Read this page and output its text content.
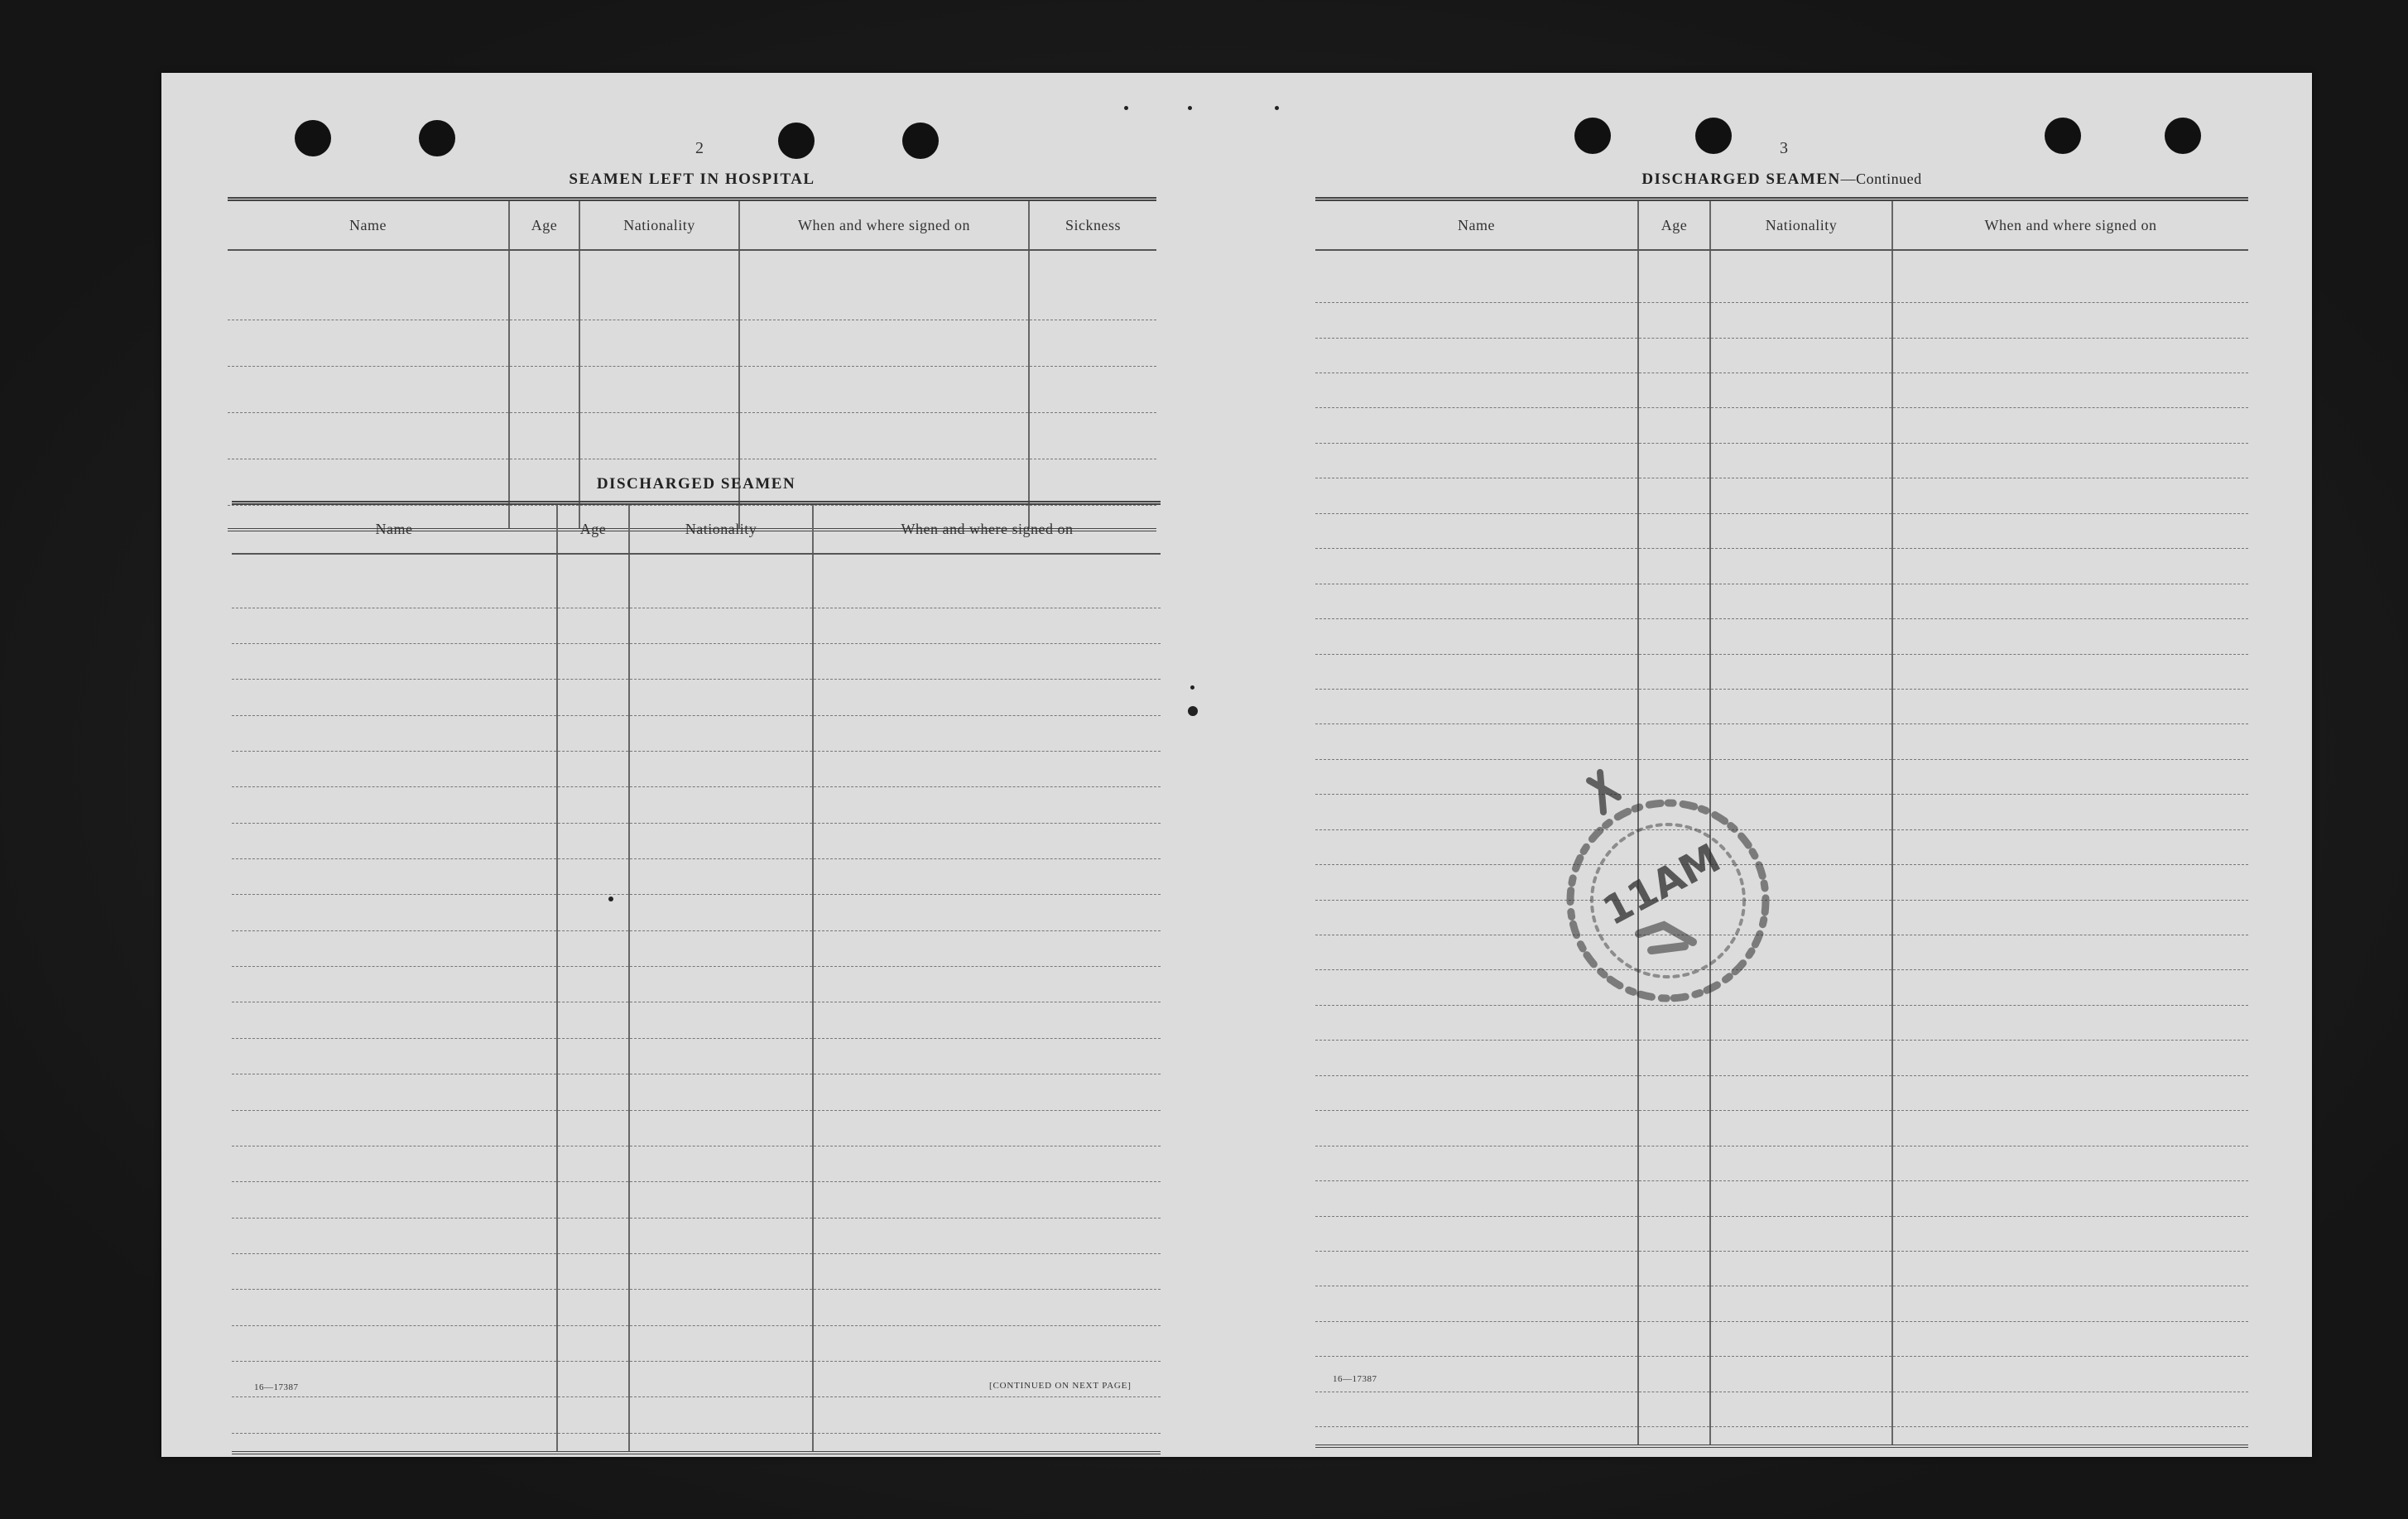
2
SEAMEN LEFT IN HOSPITAL
Name	Age	Nationality	When and where signed on	Sickness

DISCHARGED SEAMEN
Name	Age	Nationality	When and where signed on

16—17387	[CONTINUED ON NEXT PAGE]
3
DISCHARGED SEAMEN—Continued
Name	Age	Nationality	When and where signed on

16—17387
11AM
